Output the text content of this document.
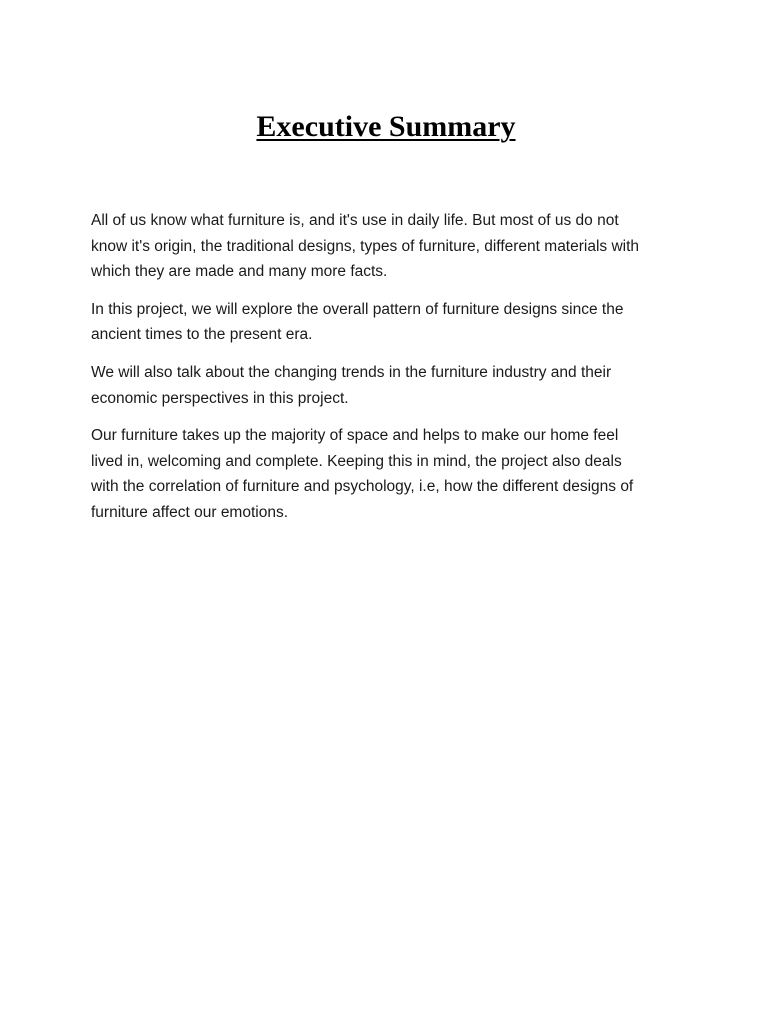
Executive Summary

All of us know what furniture is, and it's use in daily life. But most of us do not
know it's origin, the traditional designs, types of furniture, different materials with
which they are made and many more facts.

In this project, we will explore the overall pattern of furniture designs since the
ancient times to the present era.

We will also talk about the changing trends in the furniture industry and their
economic perspectives in this project.

Our furniture takes up the majority of space and helps to make our home feel
lived in, welcoming and complete. Keeping this in mind, the project also deals
with the correlation of furniture and psychology, i.e, how the different designs of
furniture affect our emotions.
